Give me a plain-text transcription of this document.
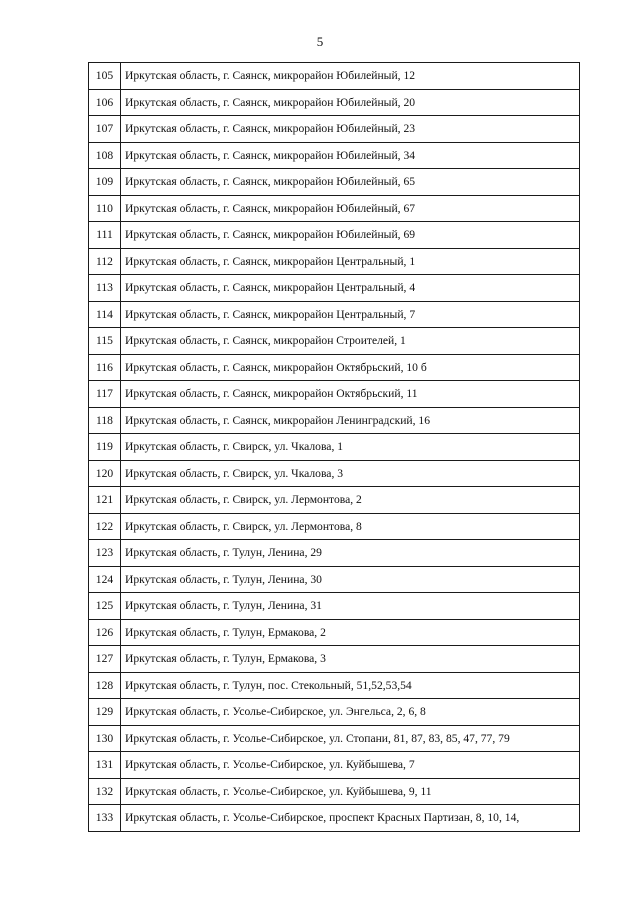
5
105	Иркутская область, г. Саянск, микрорайон Юбилейный, 12
106	Иркутская область, г. Саянск, микрорайон Юбилейный, 20
107	Иркутская область, г. Саянск, микрорайон Юбилейный, 23
108	Иркутская область, г. Саянск, микрорайон Юбилейный, 34
109	Иркутская область, г. Саянск, микрорайон Юбилейный, 65
110	Иркутская область, г. Саянск, микрорайон Юбилейный, 67
111	Иркутская область, г. Саянск, микрорайон Юбилейный, 69
112	Иркутская область, г. Саянск, микрорайон Центральный, 1
113	Иркутская область, г. Саянск, микрорайон Центральный, 4
114	Иркутская область, г. Саянск, микрорайон Центральный, 7
115	Иркутская область, г. Саянск, микрорайон Строителей, 1
116	Иркутская область, г. Саянск, микрорайон Октябрьский, 10 б
117	Иркутская область, г. Саянск, микрорайон Октябрьский, 11
118	Иркутская область, г. Саянск, микрорайон Ленинградский, 16
119	Иркутская область, г. Свирск, ул. Чкалова, 1
120	Иркутская область, г. Свирск, ул. Чкалова, 3
121	Иркутская область, г. Свирск, ул. Лермонтова, 2
122	Иркутская область, г. Свирск, ул. Лермонтова, 8
123	Иркутская область, г. Тулун, Ленина, 29
124	Иркутская область, г. Тулун, Ленина, 30
125	Иркутская область, г. Тулун, Ленина, 31
126	Иркутская область, г. Тулун, Ермакова, 2
127	Иркутская область, г. Тулун, Ермакова, 3
128	Иркутская область, г. Тулун, пос. Стекольный, 51,52,53,54
129	Иркутская область, г. Усолье-Сибирское, ул. Энгельса, 2, 6, 8
130	Иркутская область, г. Усолье-Сибирское, ул. Стопани, 81, 87, 83, 85, 47, 77, 79
131	Иркутская область, г. Усолье-Сибирское, ул. Куйбышева, 7
132	Иркутская область, г. Усолье-Сибирское, ул. Куйбышева, 9, 11
133	Иркутская область, г. Усолье-Сибирское, проспект Красных Партизан, 8, 10, 14,
